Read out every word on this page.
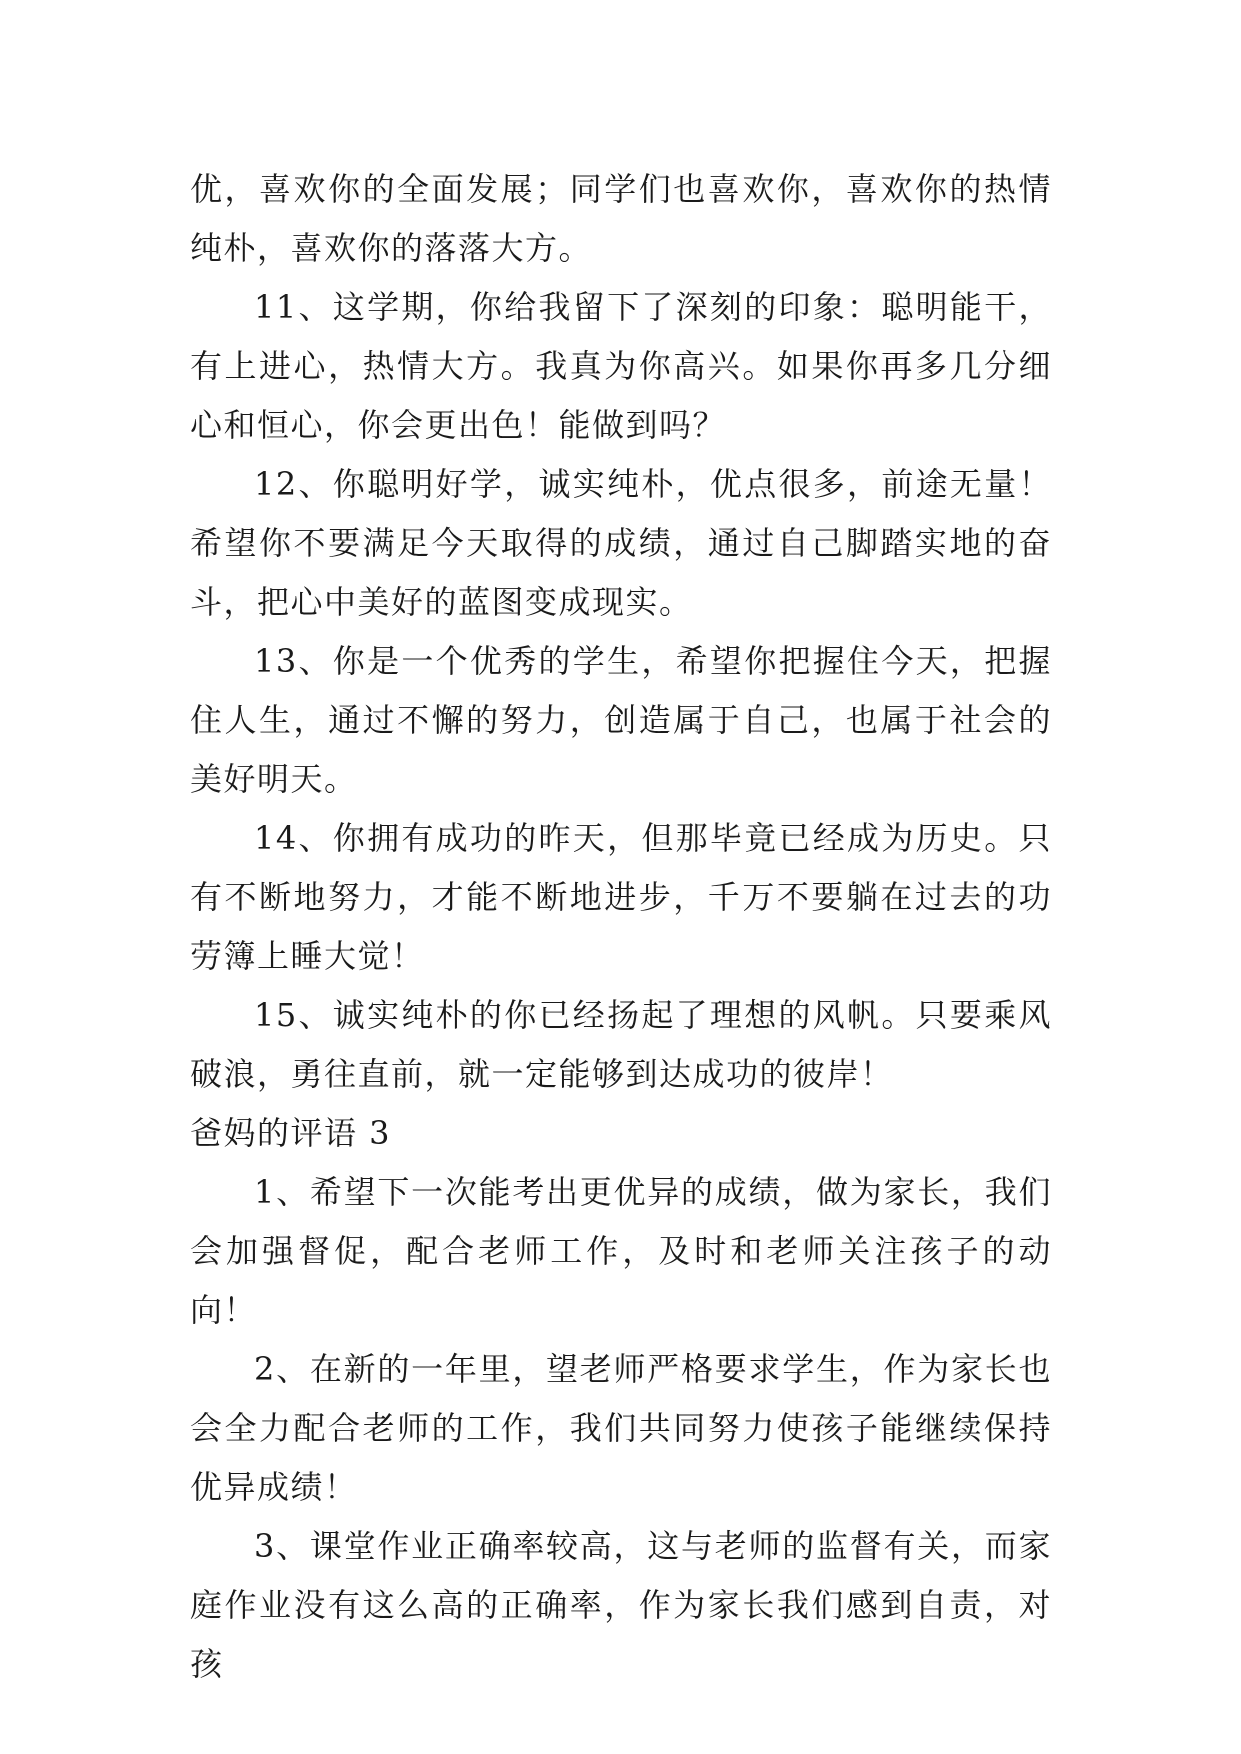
优，喜欢你的全面发展；同学们也喜欢你，喜欢你的热情纯朴，喜欢你的落落大方。

11、这学期，你给我留下了深刻的印象：聪明能干，有上进心，热情大方。我真为你高兴。如果你再多几分细心和恒心，你会更出色！能做到吗？

12、你聪明好学，诚实纯朴，优点很多，前途无量！希望你不要满足今天取得的成绩，通过自己脚踏实地的奋斗，把心中美好的蓝图变成现实。

13、你是一个优秀的学生，希望你把握住今天，把握住人生，通过不懈的努力，创造属于自己，也属于社会的美好明天。

14、你拥有成功的昨天，但那毕竟已经成为历史。只有不断地努力，才能不断地进步，千万不要躺在过去的功劳簿上睡大觉！

15、诚实纯朴的你已经扬起了理想的风帆。只要乘风破浪，勇往直前，就一定能够到达成功的彼岸！

爸妈的评语 3

1、希望下一次能考出更优异的成绩，做为家长，我们会加强督促，配合老师工作，及时和老师关注孩子的动向！

2、在新的一年里，望老师严格要求学生，作为家长也会全力配合老师的工作，我们共同努力使孩子能继续保持优异成绩！

3、课堂作业正确率较高，这与老师的监督有关，而家庭作业没有这么高的正确率，作为家长我们感到自责，对孩
